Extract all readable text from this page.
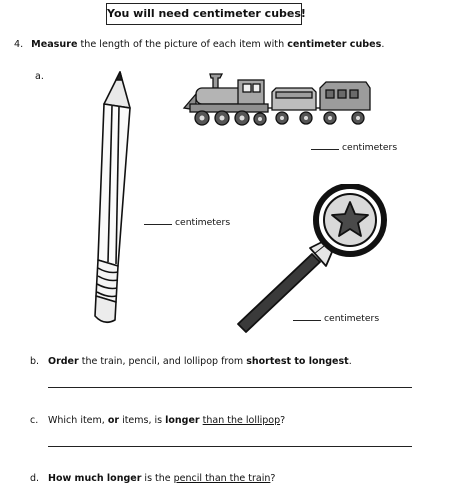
You will need centimeter cubes!
4. Measure the length of the picture of each item with centimeter cubes.
a.
centimeters
centimeters
centimeters
b. Order the train, pencil, and lollipop from shortest to longest.
c. Which item, or items, is longer than the lollipop?
d. How much longer is the pencil than the train?
